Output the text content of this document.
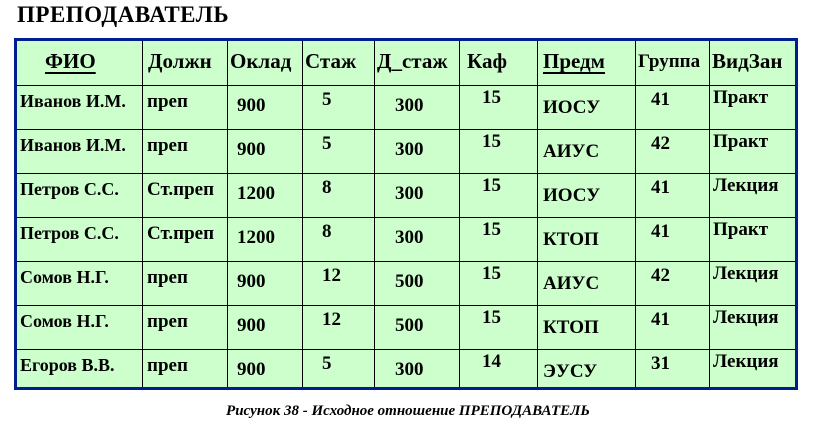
ПРЕПОДАВАТЕЛЬ
ФИО Должн Оклад Стаж Д_стаж Каф Предм Группа ВидЗан
Иванов И.М. преп	900	5	300	15 ИОСУ	41 Практ
Иванов И.М. преп	900	5	300	15 АИУС	42 Практ
Петров С.С. Ст.преп 1200 8	300	15 ИОСУ	41 Лекция
Петров С.С. Ст.преп 1200 8	300	15 КТОП	41 Практ
Сомов Н.Г. преп	900	12	500	15 АИУС	42 Лекция
Сомов Н.Г. преп	900	12	500	15 КТОП	41 Лекция
Егоров В.В. преп	900	5	300	14 ЭУСУ	31 Лекция
Рисунок 38 - Исходное отношение ПРЕПОДАВАТЕЛЬ
